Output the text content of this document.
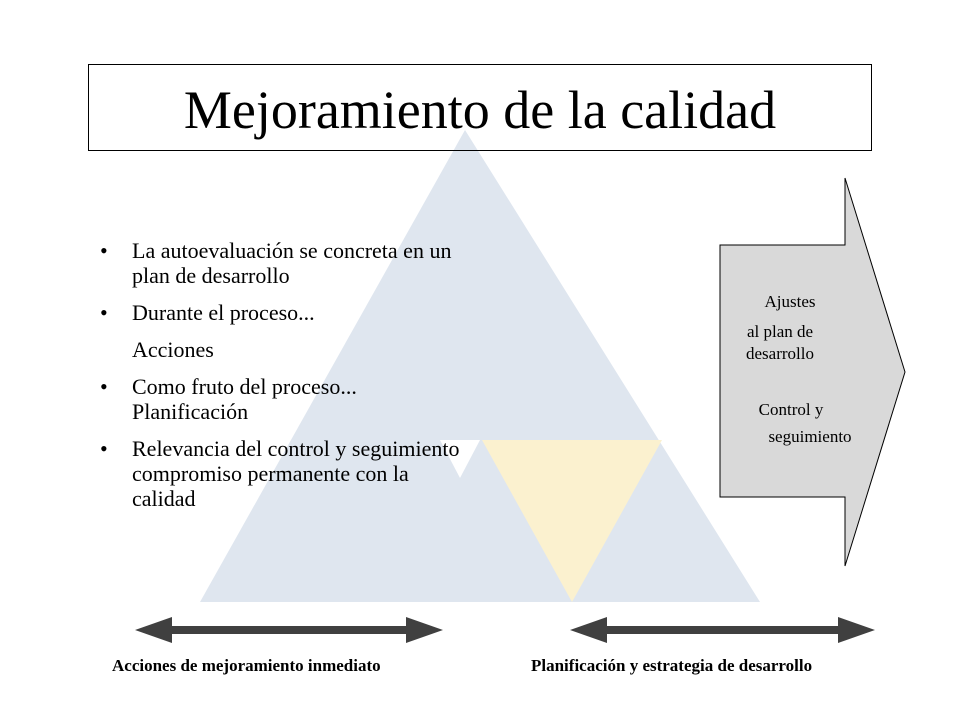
Mejoramiento de la calidad
• La autoevaluación se concreta en un
plan de desarrollo
• Durante el proceso...
Acciones
• Como fruto del proceso...
Planificación
• Relevancia del control y seguimiento
compromiso permanente con la
calidad
Ajustes
al plan de
desarrollo
Control y
seguimiento
Acciones de mejoramiento inmediato	Planificación y estrategia de desarrollo
